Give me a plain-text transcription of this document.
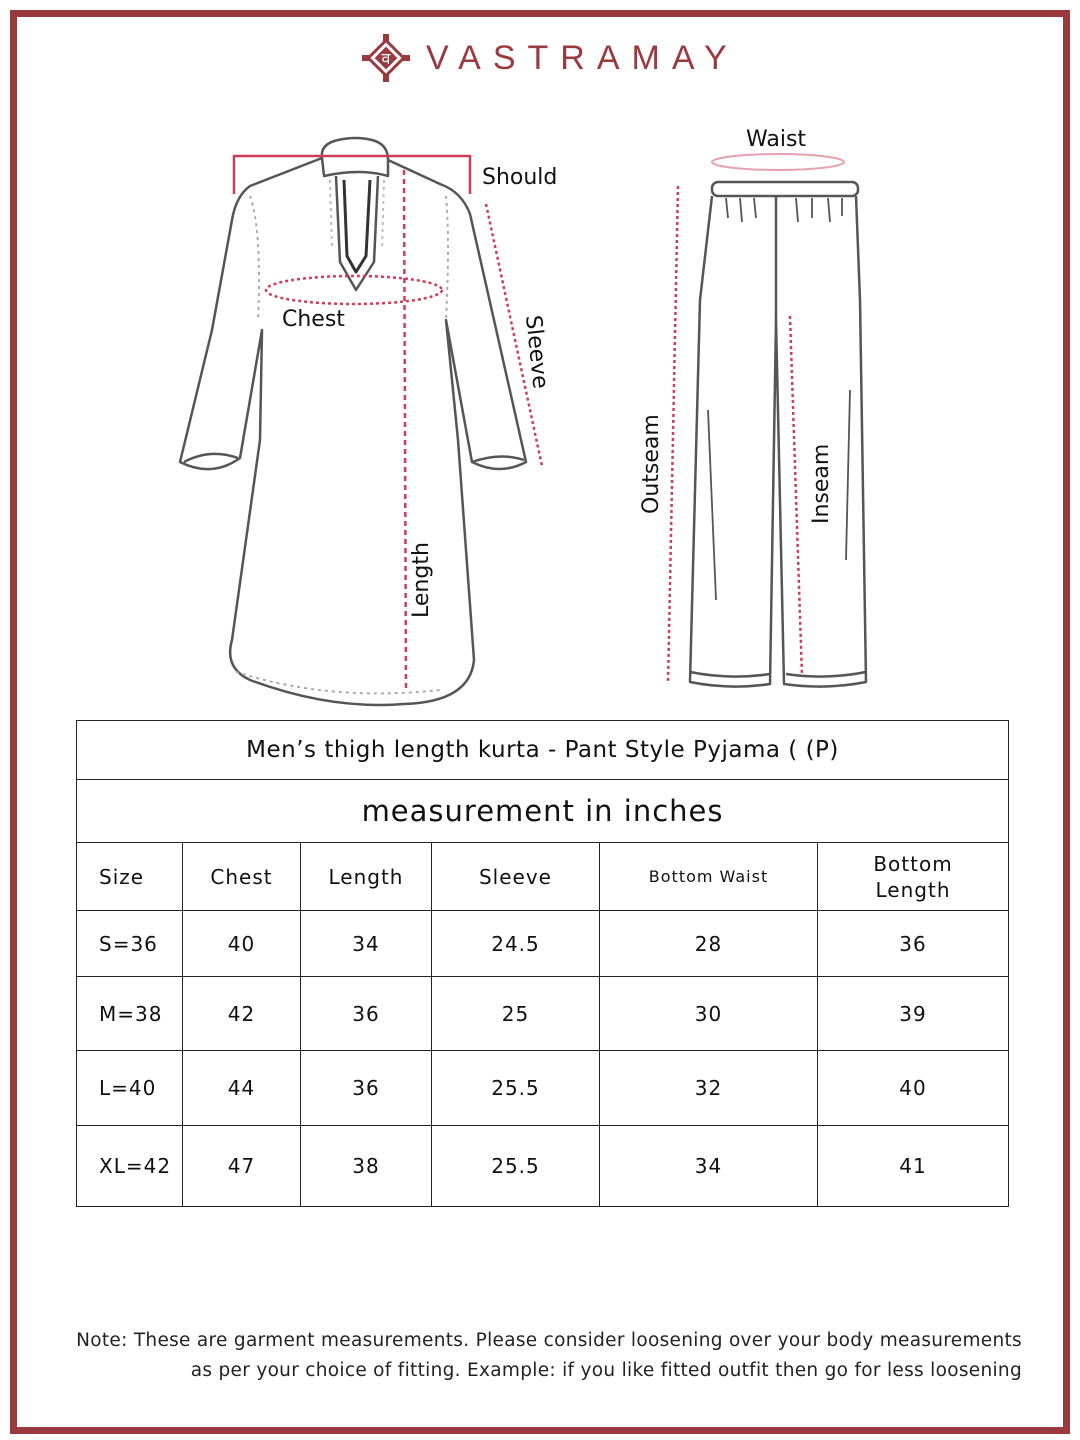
व VASTRAMAY
Should
Chest	Sleeve
Length
Waist
Outseam	Inseam
Men’s thigh length kurta - Pant Style Pyjama ( (P)					
measurement in inches					
Size	Chest	Length	Sleeve	Bottom Waist	Bottom Length
S=36	40	34	24.5	28	36
M=38	42	36	25	30	39
L=40	44	36	25.5	32	40
XL=42	47	38	25.5	34	41
Note: These are garment measurements. Please consider loosening over your body measurements
as per your choice of fitting. Example: if you like fitted outfit then go for less loosening
